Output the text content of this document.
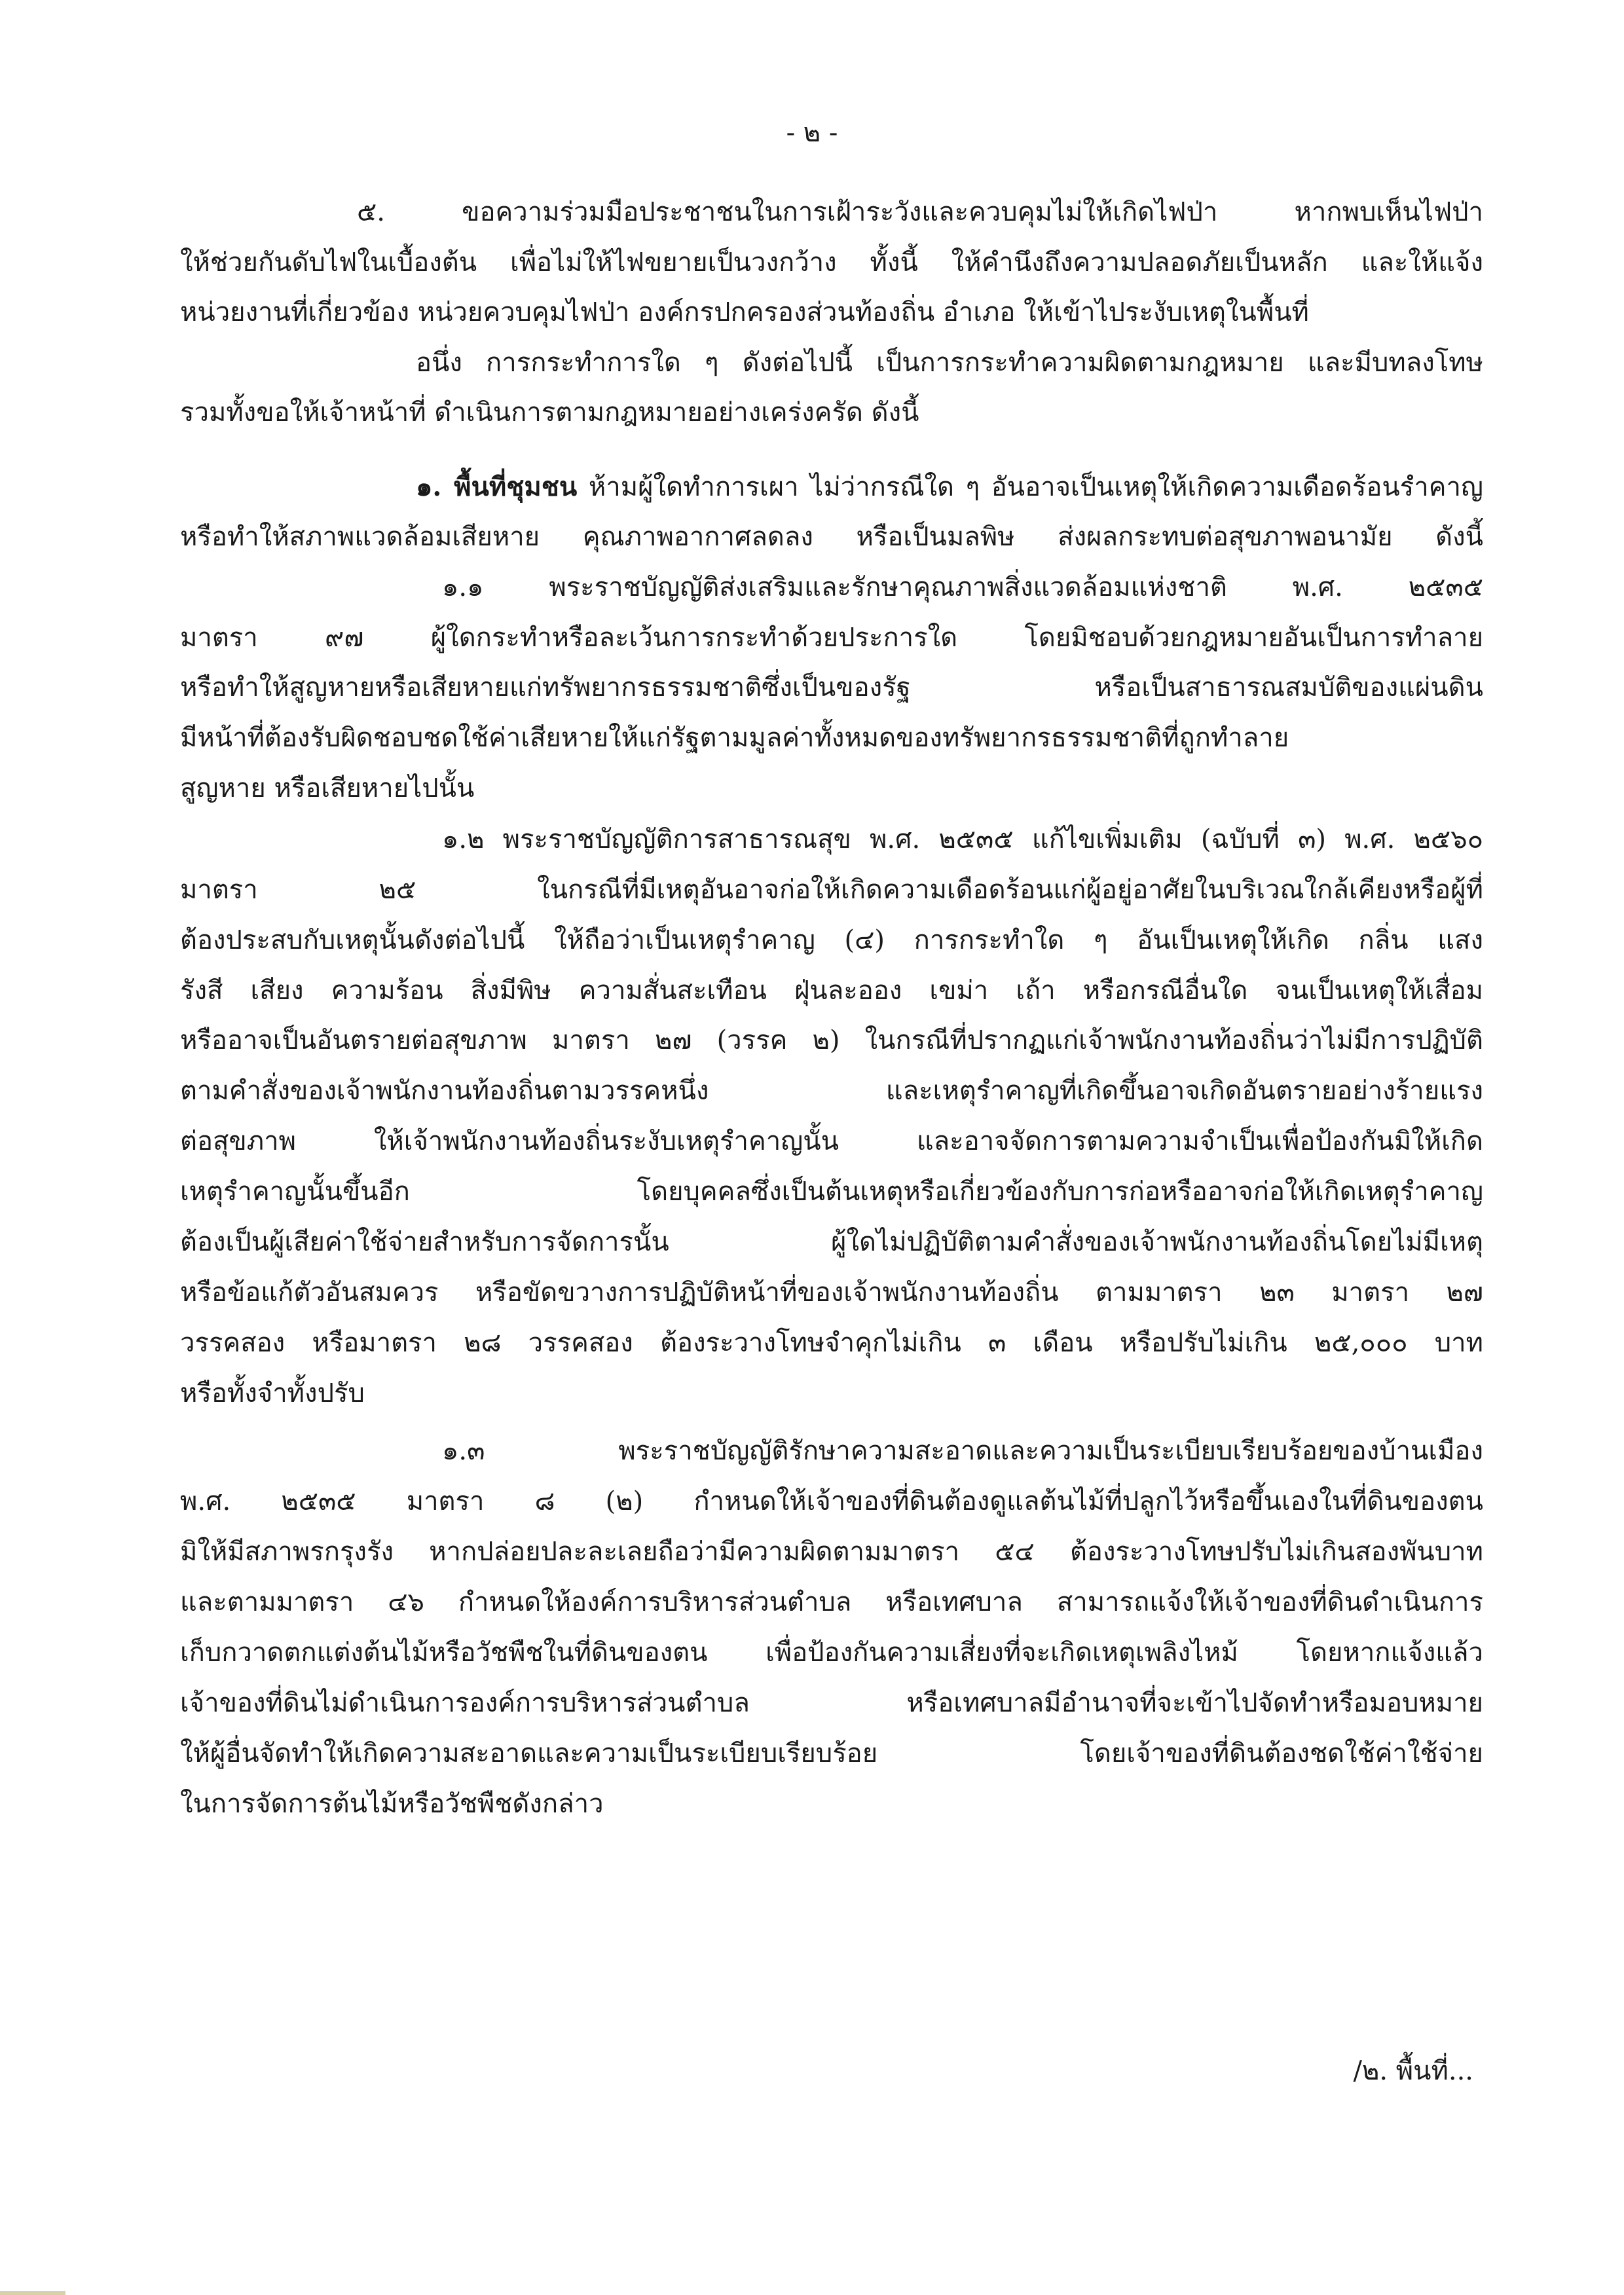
- ๒ -
๕. ขอความร่วมมือประชาชนในการเฝ้าระวังและควบคุมไม่ให้เกิดไฟป่า หากพบเห็นไฟป่า
ให้ช่วยกันดับไฟในเบื้องต้น เพื่อไม่ให้ไฟขยายเป็นวงกว้าง ทั้งนี้ ให้คำนึงถึงความปลอดภัยเป็นหลัก และให้แจ้ง
หน่วยงานที่เกี่ยวข้อง หน่วยควบคุมไฟป่า องค์กรปกครองส่วนท้องถิ่น อำเภอ ให้เข้าไประงับเหตุในพื้นที่
อนึ่ง การกระทำการใด ๆ ดังต่อไปนี้ เป็นการกระทำความผิดตามกฎหมาย และมีบทลงโทษ
รวมทั้งขอให้เจ้าหน้าที่ ดำเนินการตามกฎหมายอย่างเคร่งครัด ดังนี้
๑. พื้นที่ชุมชน ห้ามผู้ใดทำการเผา ไม่ว่ากรณีใด ๆ อันอาจเป็นเหตุให้เกิดความเดือดร้อนรำคาญ
หรือทำให้สภาพแวดล้อมเสียหาย คุณภาพอากาศลดลง หรือเป็นมลพิษ ส่งผลกระทบต่อสุขภาพอนามัย ดังนี้
๑.๑ พระราชบัญญัติส่งเสริมและรักษาคุณภาพสิ่งแวดล้อมแห่งชาติ พ.ศ. ๒๕๓๕
มาตรา ๙๗ ผู้ใดกระทำหรือละเว้นการกระทำด้วยประการใด โดยมิชอบด้วยกฎหมายอันเป็นการทำลาย
หรือทำให้สูญหายหรือเสียหายแก่ทรัพยากรธรรมชาติซึ่งเป็นของรัฐ หรือเป็นสาธารณสมบัติของแผ่นดิน
มีหน้าที่ต้องรับผิดชอบชดใช้ค่าเสียหายให้แก่รัฐตามมูลค่าทั้งหมดของทรัพยากรธรรมชาติที่ถูกทำลาย
สูญหาย หรือเสียหายไปนั้น
๑.๒ พระราชบัญญัติการสาธารณสุข พ.ศ. ๒๕๓๕ แก้ไขเพิ่มเติม (ฉบับที่ ๓) พ.ศ. ๒๕๖๐
มาตรา ๒๕ ในกรณีที่มีเหตุอันอาจก่อให้เกิดความเดือดร้อนแก่ผู้อยู่อาศัยในบริเวณใกล้เคียงหรือผู้ที่
ต้องประสบกับเหตุนั้นดังต่อไปนี้ ให้ถือว่าเป็นเหตุรำคาญ (๔) การกระทำใด ๆ อันเป็นเหตุให้เกิด กลิ่น แสง
รังสี เสียง ความร้อน สิ่งมีพิษ ความสั่นสะเทือน ฝุ่นละออง เขม่า เถ้า หรือกรณีอื่นใด จนเป็นเหตุให้เสื่อม
หรืออาจเป็นอันตรายต่อสุขภาพ มาตรา ๒๗ (วรรค ๒) ในกรณีที่ปรากฏแก่เจ้าพนักงานท้องถิ่นว่าไม่มีการปฏิบัติ
ตามคำสั่งของเจ้าพนักงานท้องถิ่นตามวรรคหนึ่ง และเหตุรำคาญที่เกิดขึ้นอาจเกิดอันตรายอย่างร้ายแรง
ต่อสุขภาพ ให้เจ้าพนักงานท้องถิ่นระงับเหตุรำคาญนั้น และอาจจัดการตามความจำเป็นเพื่อป้องกันมิให้เกิด
เหตุรำคาญนั้นขึ้นอีก โดยบุคคลซึ่งเป็นต้นเหตุหรือเกี่ยวข้องกับการก่อหรืออาจก่อให้เกิดเหตุรำคาญ
ต้องเป็นผู้เสียค่าใช้จ่ายสำหรับการจัดการนั้น ผู้ใดไม่ปฏิบัติตามคำสั่งของเจ้าพนักงานท้องถิ่นโดยไม่มีเหตุ
หรือข้อแก้ตัวอันสมควร หรือขัดขวางการปฏิบัติหน้าที่ของเจ้าพนักงานท้องถิ่น ตามมาตรา ๒๓ มาตรา ๒๗
วรรคสอง หรือมาตรา ๒๘ วรรคสอง ต้องระวางโทษจำคุกไม่เกิน ๓ เดือน หรือปรับไม่เกิน ๒๕,๐๐๐ บาท
หรือทั้งจำทั้งปรับ
๑.๓ พระราชบัญญัติรักษาความสะอาดและความเป็นระเบียบเรียบร้อยของบ้านเมือง
พ.ศ. ๒๕๓๕ มาตรา ๘ (๒) กำหนดให้เจ้าของที่ดินต้องดูแลต้นไม้ที่ปลูกไว้หรือขึ้นเองในที่ดินของตน
มิให้มีสภาพรกรุงรัง หากปล่อยปละละเลยถือว่ามีความผิดตามมาตรา ๕๔ ต้องระวางโทษปรับไม่เกินสองพันบาท
และตามมาตรา ๔๖ กำหนดให้องค์การบริหารส่วนตำบล หรือเทศบาล สามารถแจ้งให้เจ้าของที่ดินดำเนินการ
เก็บกวาดตกแต่งต้นไม้หรือวัชพืชในที่ดินของตน เพื่อป้องกันความเสี่ยงที่จะเกิดเหตุเพลิงไหม้ โดยหากแจ้งแล้ว
เจ้าของที่ดินไม่ดำเนินการองค์การบริหารส่วนตำบล หรือเทศบาลมีอำนาจที่จะเข้าไปจัดทำหรือมอบหมาย
ให้ผู้อื่นจัดทำให้เกิดความสะอาดและความเป็นระเบียบเรียบร้อย โดยเจ้าของที่ดินต้องชดใช้ค่าใช้จ่าย
ในการจัดการต้นไม้หรือวัชพืชดังกล่าว
/๒. พื้นที่...
